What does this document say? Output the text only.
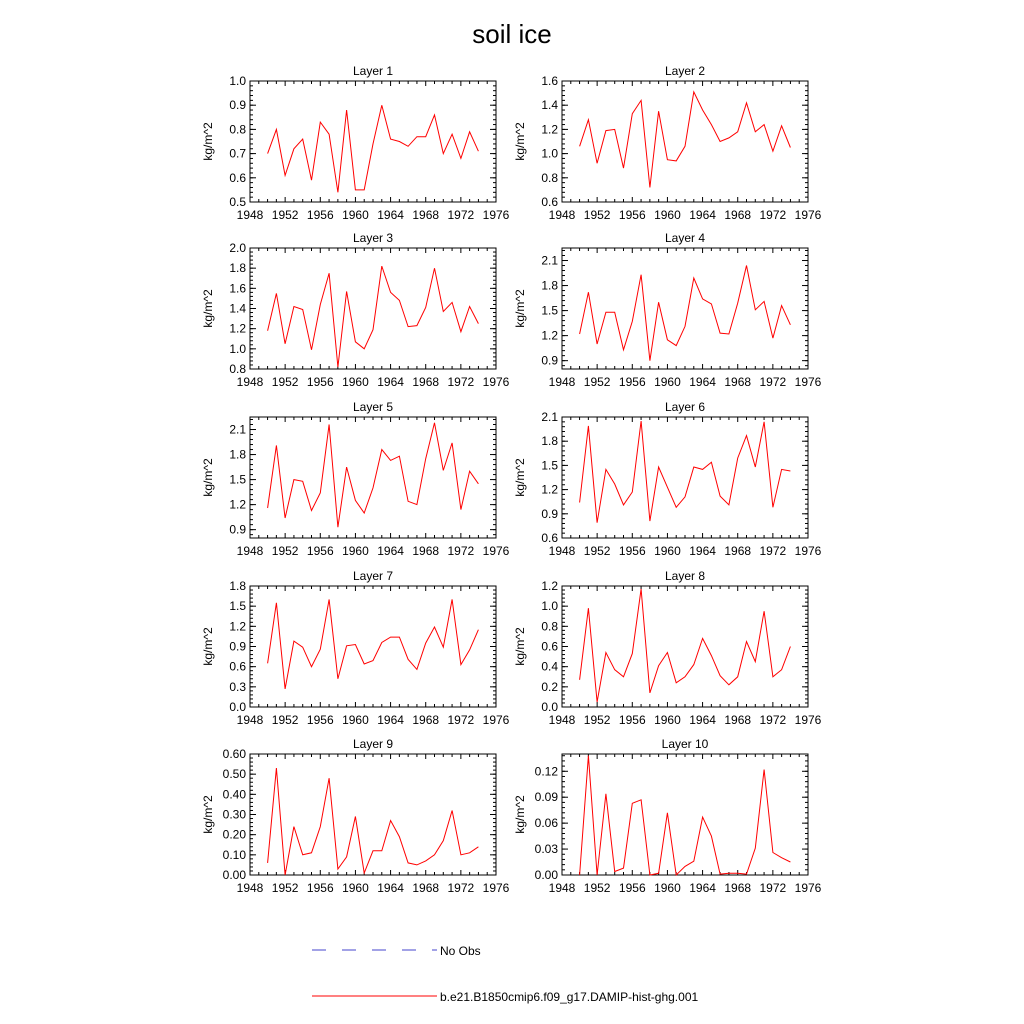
soil ice
Layer 1
kg/m^2
1948 1952 1956 1960 1964 1968 1972 1976
0.5
0.6
0.7
0.8
0.9
1.0
Layer 2
kg/m^2
1948 1952 1956 1960 1964 1968 1972 1976
0.6
0.8
1.0
1.2
1.4
1.6
Layer 3
kg/m^2
1948 1952 1956 1960 1964 1968 1972 1976
0.8
1.0
1.2
1.4
1.6
1.8
2.0
Layer 4
kg/m^2
1948 1952 1956 1960 1964 1968 1972 1976
0.9
1.2
1.5
1.8
2.1
Layer 5
kg/m^2
1948 1952 1956 1960 1964 1968 1972 1976
0.9
1.2
1.5
1.8
2.1
Layer 6
kg/m^2
1948 1952 1956 1960 1964 1968 1972 1976
0.6
0.9
1.2
1.5
1.8
2.1
Layer 7
kg/m^2
1948 1952 1956 1960 1964 1968 1972 1976
0.0
0.3
0.6
0.9
1.2
1.5
1.8
Layer 8
kg/m^2
1948 1952 1956 1960 1964 1968 1972 1976
0.0
0.2
0.4
0.6
0.8
1.0
1.2
Layer 9
kg/m^2
1948 1952 1956 1960 1964 1968 1972 1976
0.00
0.10
0.20
0.30
0.40
0.50
0.60
Layer 10
kg/m^2
1948 1952 1956 1960 1964 1968 1972 1976
0.00
0.03
0.06
0.09
0.12
No Obs
b.e21.B1850cmip6.f09_g17.DAMIP-hist-ghg.001
